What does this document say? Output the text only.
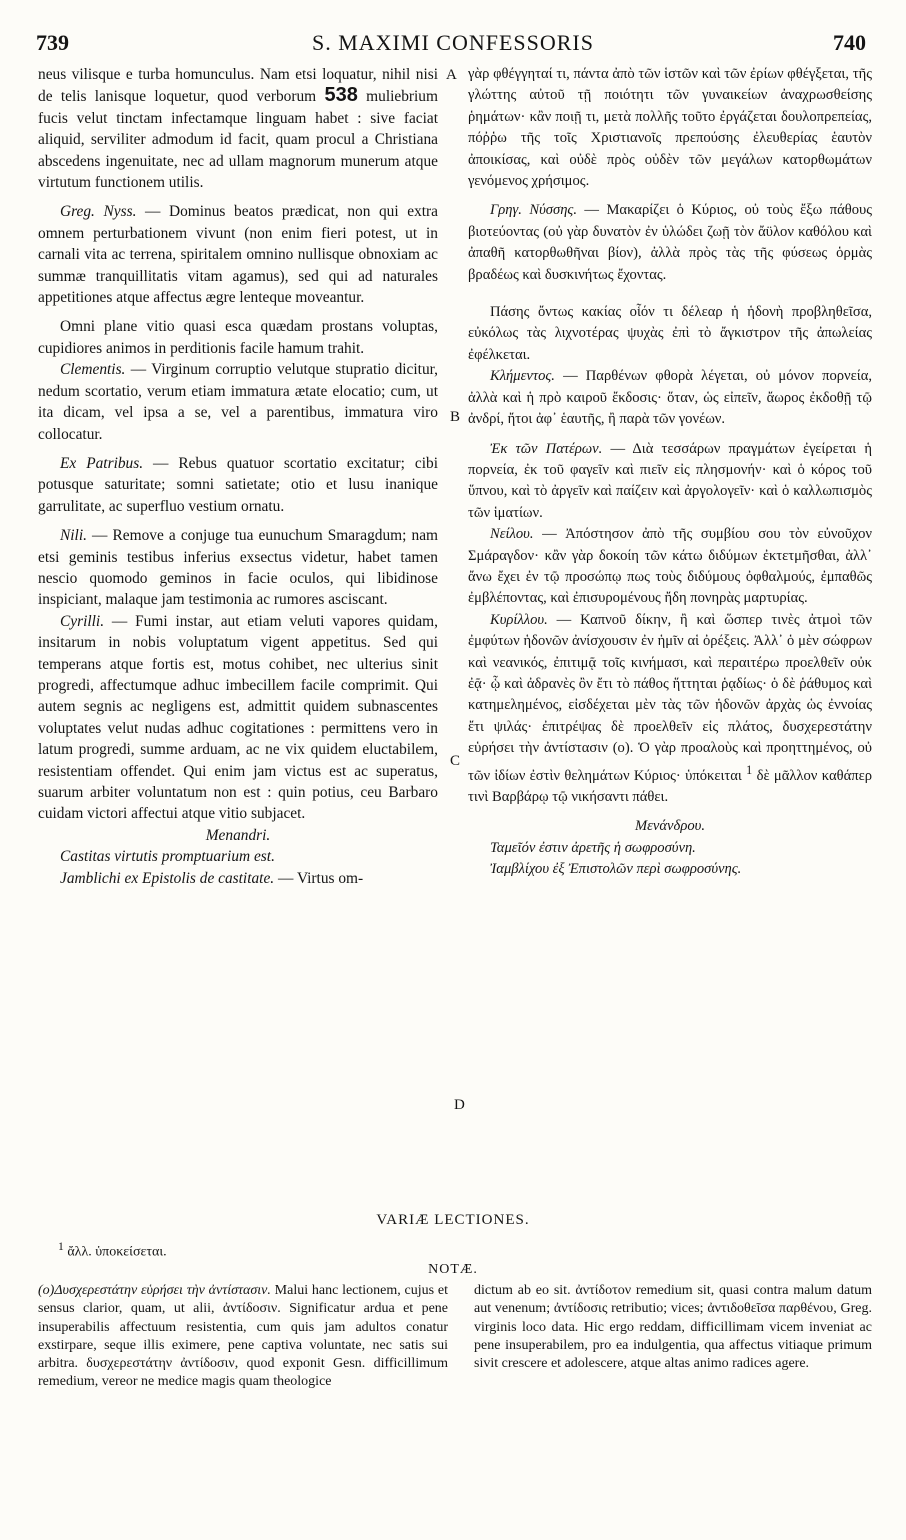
739	S. MAXIMI CONFESSORIS	740

neus vilisque e turba homunculus. Nam etsi loquatur, nihil nisi de telis lanisque loquetur, quod verborum 538 muliebrium fucis velut tinctam infectamque linguam habet : sive faciat aliquid, serviliter admodum id facit, quam procul a Christiana abscedens ingenuitate, nec ad ullam magnorum munerum atque virtutum functionem utilis.

Greg. Nyss. — Dominus beatos prædicat, non qui extra omnem perturbationem vivunt (non enim fieri potest, ut in carnali vita ac terrena, spiritalem omnino nullisque obnoxiam ac summæ tranquillitatis vitam agamus), sed qui ad naturales appetitiones atque affectus ægre lenteque moveantur.

Omni plane vitio quasi esca quædam prostans voluptas, cupidiores animos in perditionis facile hamum trahit.

Clementis. — Virginum corruptio velutque stupratio dicitur, nedum scortatio, verum etiam immatura ætate elocatio; cum, ut ita dicam, vel ipsa a se, vel a parentibus, immatura viro collocatur.

Ex Patribus. — Rebus quatuor scortatio excitatur; cibi potusque saturitate; somni satietate; otio et lusu inanique garrulitate, ac superfluo vestium ornatu.

Nili. — Remove a conjuge tua eunuchum Smaragdum; nam etsi geminis testibus inferius exsectus videtur, habet tamen nescio quomodo geminos in facie oculos, qui libidinose inspiciant, malaque jam testimonia ac rumores asciscant.

Cyrilli. — Fumi instar, aut etiam veluti vapores quidam, insitarum in nobis voluptatum vigent appetitus. Sed qui temperans atque fortis est, motus cohibet, nec ulterius sinit progredi, affectumque adhuc imbecillem facile comprimit. Qui autem segnis ac negligens est, admittit quidem subnascentes voluptates velut nudas adhuc cogitationes : permittens vero in latum progredi, summe arduam, ac ne vix quidem eluctabilem, resistentiam offendet. Qui enim jam victus est ac superatus, suarum arbiter voluntatum non est : quin potius, ceu Barbaro cuidam victori affectui atque vitio subjacet.

Menandri.

Castitas virtutis promptuarium est.

Jamblichi ex Epistolis de castitate. — Virtus om-

A
B
C
D

γὰρ φθέγγηταί τι, πάντα ἀπὸ τῶν ἱστῶν καὶ τῶν ἐρίων φθέγξεται, τῆς γλώττης αὐτοῦ τῇ ποιότητι τῶν γυναικείων ἀναχρωσθείσης ῥημάτων· κἂν ποιῇ τι, μετὰ πολλῆς τοῦτο ἐργάζεται δουλοπρεπείας, πόῤῥω τῆς τοῖς Χριστιανοῖς πρεπούσης ἐλευθερίας ἑαυτὸν ἀποικίσας, καὶ οὐδὲ πρὸς οὐδὲν τῶν μεγάλων κατορθωμάτων γενόμενος χρήσιμος.

Γρηγ. Νύσσης. — Μακαρίζει ὁ Κύριος, οὐ τοὺς ἔξω πάθους βιοτεύοντας (οὐ γὰρ δυνατὸν ἐν ὑλώδει ζωῇ τὸν ἄϋλον καθόλου καὶ ἀπαθῆ κατορθωθῆναι βίον), ἀλλὰ πρὸς τὰς τῆς φύσεως ὁρμὰς βραδέως καὶ δυσκινήτως ἔχοντας.

Πάσης ὄντως κακίας οἷόν τι δέλεαρ ἡ ἡδονὴ προβληθεῖσα, εὐκόλως τὰς λιχνοτέρας ψυχὰς ἐπὶ τὸ ἄγκιστρον τῆς ἀπωλείας ἐφέλκεται.

Κλήμεντος. — Παρθένων φθορὰ λέγεται, οὐ μόνον πορνεία, ἀλλὰ καὶ ἡ πρὸ καιροῦ ἔκδοσις· ὅταν, ὡς εἰπεῖν, ἄωρος ἐκδοθῇ τῷ ἀνδρί, ἤτοι ἀφ᾽ ἑαυτῆς, ἢ παρὰ τῶν γονέων.

Ἐκ τῶν Πατέρων. — Διὰ τεσσάρων πραγμάτων ἐγείρεται ἡ πορνεία, ἐκ τοῦ φαγεῖν καὶ πιεῖν εἰς πλησμονήν· καὶ ὁ κόρος τοῦ ὕπνου, καὶ τὸ ἀργεῖν καὶ παίζειν καὶ ἀργολογεῖν· καὶ ὁ καλλωπισμὸς τῶν ἱματίων.

Νείλου. — Ἀπόστησον ἀπὸ τῆς συμβίου σου τὸν εὐνοῦχον Σμάραγδον· κἂν γὰρ δοκοίη τῶν κάτω διδύμων ἐκτετμῆσθαι, ἀλλ᾽ ἄνω ἔχει ἐν τῷ προσώπῳ πως τοὺς διδύμους ὀφθαλμούς, ἐμπαθῶς ἐμβλέποντας, καὶ ἐπισυρομένους ἤδη πονηρὰς μαρτυρίας.

Κυρίλλου. — Καπνοῦ δίκην, ἢ καὶ ὥσπερ τινὲς ἀτμοὶ τῶν ἐμφύτων ἡδονῶν ἀνίσχουσιν ἐν ἡμῖν αἱ ὀρέξεις. Ἀλλ᾽ ὁ μὲν σώφρων καὶ νεανικός, ἐπιτιμᾷ τοῖς κινήμασι, καὶ περαιτέρω προελθεῖν οὐκ ἐᾷ· ᾧ καὶ ἀδρανὲς ὂν ἔτι τὸ πάθος ἥττηται ῥᾳδίως· ὁ δὲ ῥάθυμος καὶ κατημελημένος, εἰσδέχεται μὲν τὰς τῶν ἡδονῶν ἀρχὰς ὡς ἐννοίας ἔτι ψιλάς· ἐπιτρέψας δὲ προελθεῖν εἰς πλάτος, δυσχερεστάτην εὑρήσει τὴν ἀντίστασιν (o). Ὁ γὰρ προαλοὺς καὶ προηττημένος, οὐ τῶν ἰδίων ἐστὶν θελημάτων Κύριος· ὑπόκειται $^1$ δὲ μᾶλλον καθάπερ τινὶ Βαρβάρῳ τῷ νικήσαντι πάθει.

Μενάνδρου.

Ταμεῖόν ἐστιν ἀρετῆς ἡ σωφροσύνη.

Ἰαμβλίχου ἐξ Ἐπιστολῶν περὶ σωφροσύνης.

VARIÆ LECTIONES.
$^1$ ἄλλ. ὑποκείσεται.
NOTÆ.

(o)Δυσχερεστάτην εὑρήσει τὴν ἀντίστασιν. Malui hanc lectionem, cujus et sensus clarior, quam, ut alii, ἀντίδοσιν. Significatur ardua et pene insuperabilis affectuum resistentia, cum quis jam adultos conatur exstirpare, seque illis eximere, pene captiva voluntate, nec satis sui arbitra. δυσχερεστάτην ἀντίδοσιν, quod exponit Gesn. difficillimum remedium, vereor ne medice magis quam theologice

dictum ab eo sit. ἀντίδοτον remedium sit, quasi contra malum datum aut venenum; ἀντίδοσις retributio; vices; ἀντιδοθεῖσα παρθένου, Greg. virginis loco data. Hic ergo reddam, difficillimam vicem inveniat ac pene insuperabilem, pro ea indulgentia, qua affectus vitiaque primum sivit crescere et adolescere, atque altas animo radices agere.
